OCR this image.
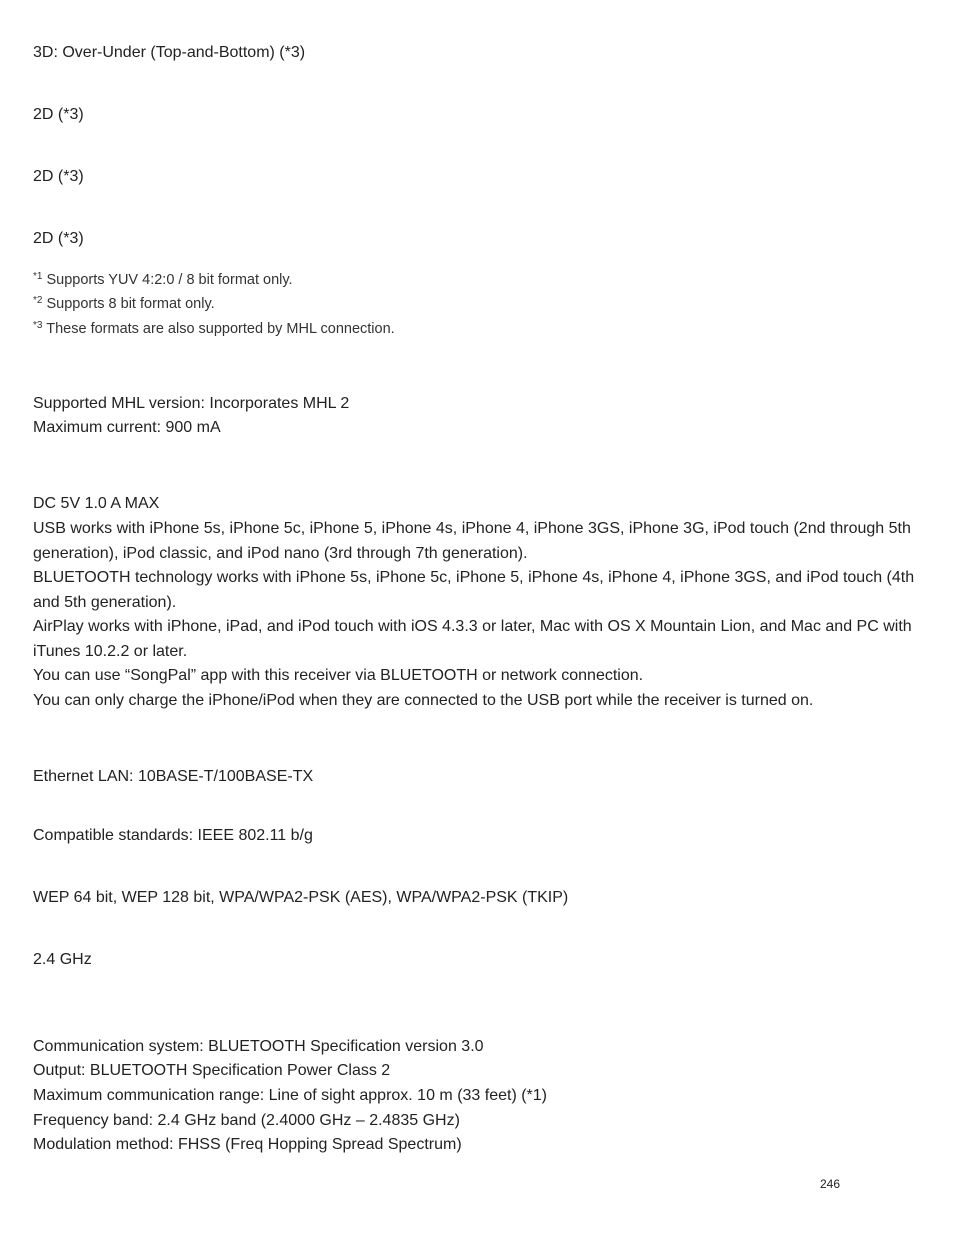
3D: Over-Under (Top-and-Bottom) (*3)
2D (*3)
2D (*3)
2D (*3)
$^{*1}$ Supports YUV 4:2:0 / 8 bit format only.
$^{*2}$ Supports 8 bit format only.
$^{*3}$ These formats are also supported by MHL connection.
Supported MHL version: Incorporates MHL 2
Maximum current: 900 mA
DC 5V 1.0 A MAX
USB works with iPhone 5s, iPhone 5c, iPhone 5, iPhone 4s, iPhone 4, iPhone 3GS, iPhone 3G, iPod touch (2nd through 5th generation), iPod classic, and iPod nano (3rd through 7th generation).
BLUETOOTH technology works with iPhone 5s, iPhone 5c, iPhone 5, iPhone 4s, iPhone 4, iPhone 3GS, and iPod touch (4th and 5th generation).
AirPlay works with iPhone, iPad, and iPod touch with iOS 4.3.3 or later, Mac with OS X Mountain Lion, and Mac and PC with iTunes 10.2.2 or later.
You can use “SongPal” app with this receiver via BLUETOOTH or network connection.
You can only charge the iPhone/iPod when they are connected to the USB port while the receiver is turned on.
Ethernet LAN: 10BASE-T/100BASE-TX
Compatible standards: IEEE 802.11 b/g
WEP 64 bit, WEP 128 bit, WPA/WPA2-PSK (AES), WPA/WPA2-PSK (TKIP)
2.4 GHz
Communication system: BLUETOOTH Specification version 3.0
Output: BLUETOOTH Specification Power Class 2
Maximum communication range: Line of sight approx. 10 m (33 feet) (*1)
Frequency band: 2.4 GHz band (2.4000 GHz – 2.4835 GHz)
Modulation method: FHSS (Freq Hopping Spread Spectrum)
246
